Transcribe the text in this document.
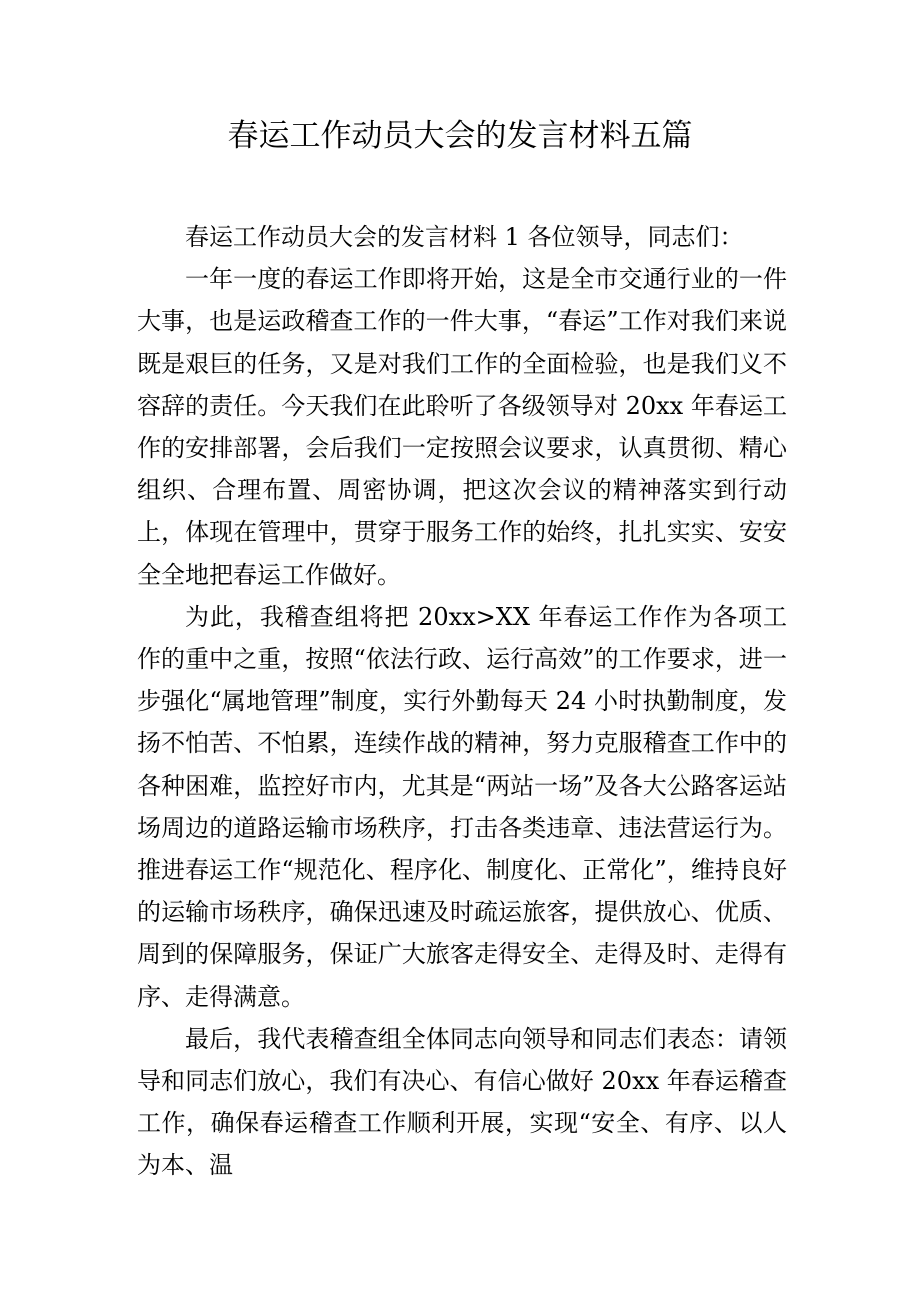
春运工作动员大会的发言材料五篇

春运工作动员大会的发言材料 1 各位领导，同志们：

一年一度的春运工作即将开始，这是全市交通行业的一件大事，也是运政稽查工作的一件大事，“春运”工作对我们来说既是艰巨的任务，又是对我们工作的全面检验，也是我们义不容辞的责任。今天我们在此聆听了各级领导对 20xx 年春运工作的安排部署，会后我们一定按照会议要求，认真贯彻、精心组织、合理布置、周密协调，把这次会议的精神落实到行动上，体现在管理中，贯穿于服务工作的始终，扎扎实实、安安全全地把春运工作做好。

为此，我稽查组将把 20xx>XX 年春运工作作为各项工作的重中之重，按照“依法行政、运行高效”的工作要求，进一步强化“属地管理”制度，实行外勤每天 24 小时执勤制度，发扬不怕苦、不怕累，连续作战的精神，努力克服稽查工作中的各种困难，监控好市内，尤其是“两站一场”及各大公路客运站场周边的道路运输市场秩序，打击各类违章、违法营运行为。推进春运工作“规范化、程序化、制度化、正常化”，维持良好的运输市场秩序，确保迅速及时疏运旅客，提供放心、优质、周到的保障服务，保证广大旅客走得安全、走得及时、走得有序、走得满意。

最后，我代表稽查组全体同志向领导和同志们表态：请领导和同志们放心，我们有决心、有信心做好 20xx 年春运稽查工作，确保春运稽查工作顺利开展，实现“安全、有序、以人为本、温
